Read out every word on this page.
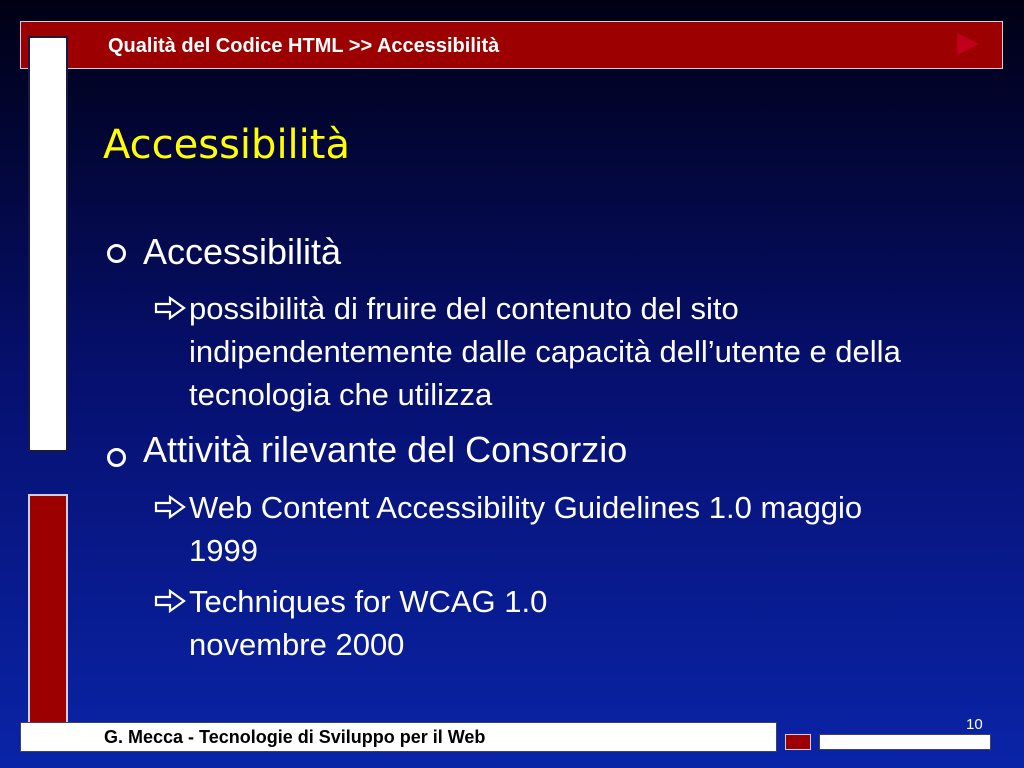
Qualità del Codice HTML >> Accessibilità
Accessibilità
Accessibilità
possibilità di fruire del contenuto del sito indipendentemente dalle capacità dell’utente e della tecnologia che utilizza
Attività rilevante del Consorzio
Web Content Accessibility Guidelines 1.0 maggio 1999
Techniques for WCAG 1.0 novembre 2000
G. Mecca - Tecnologie di Sviluppo per il Web
10
